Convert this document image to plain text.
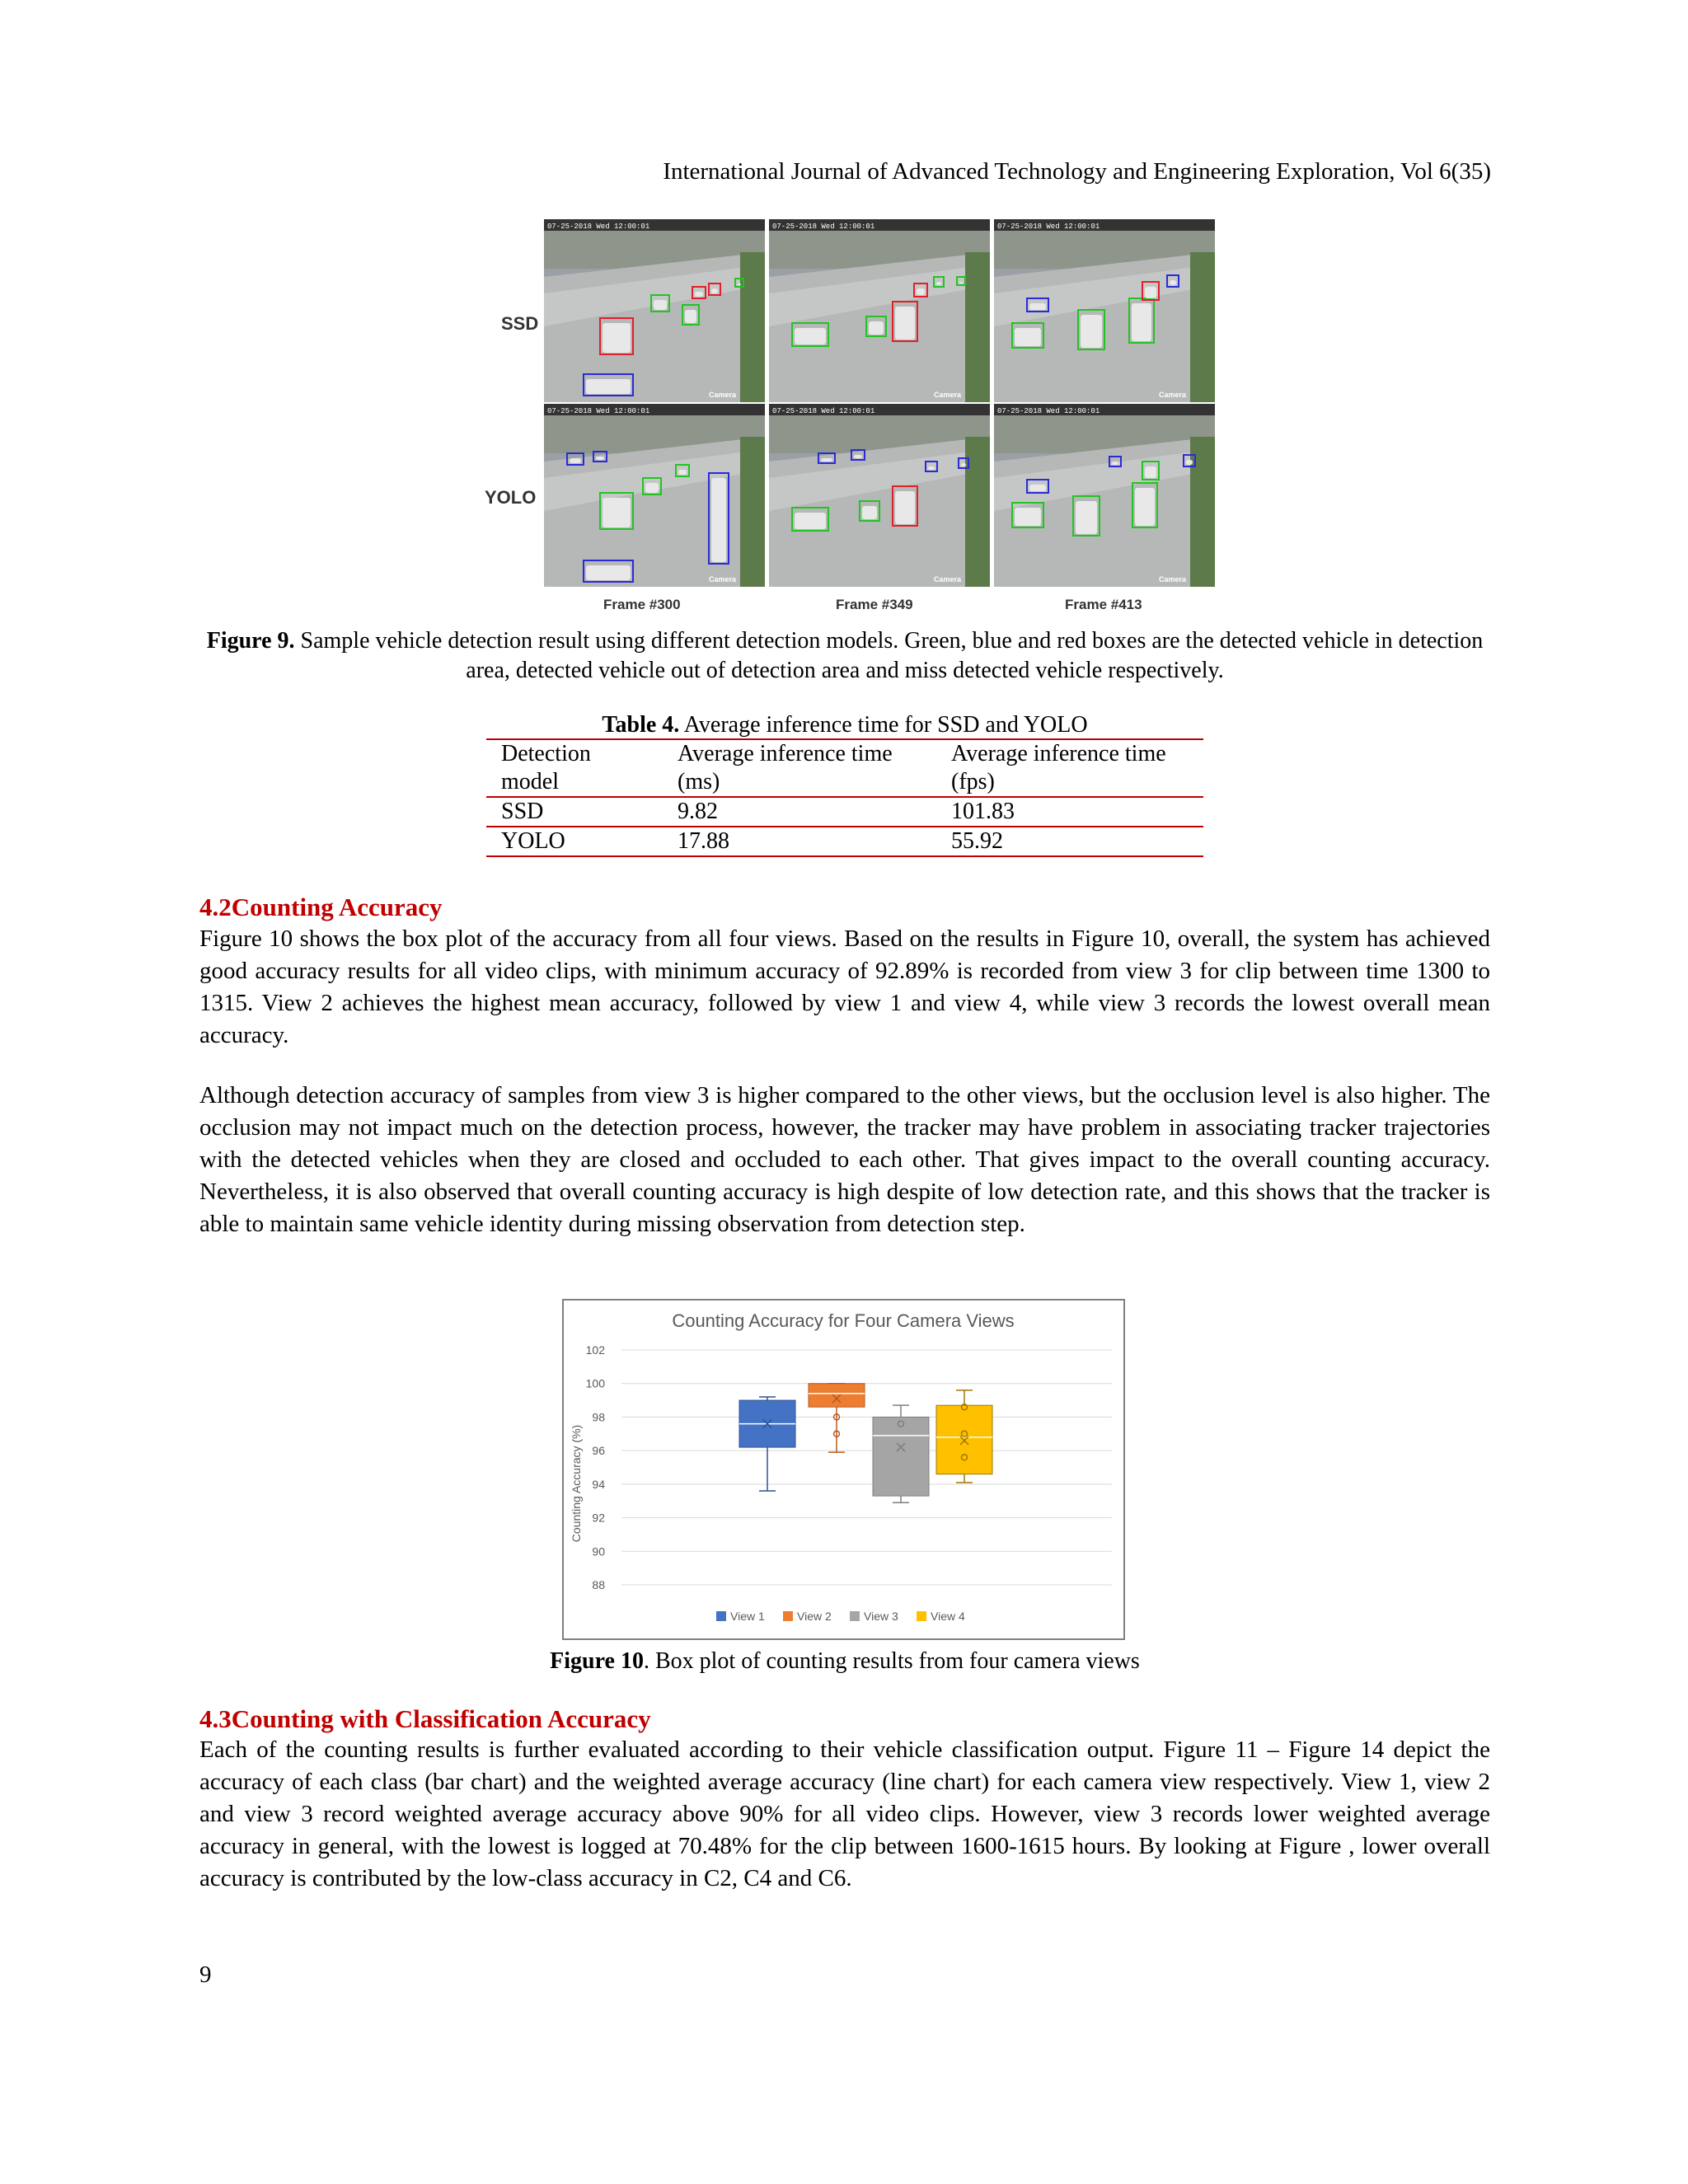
International Journal of Advanced Technology and Engineering Exploration, Vol 6(35)
SSD
YOLO
07-25-2018 Wed 12:00:01
Camera
07-25-2018 Wed 12:00:01
Camera
07-25-2018 Wed 12:00:01
Camera
07-25-2018 Wed 12:00:01
Camera
07-25-2018 Wed 12:00:01
Camera
07-25-2018 Wed 12:00:01
Camera
Frame #300	Frame #349	Frame #413
Figure 9. Sample vehicle detection result using different detection models. Green, blue and red boxes are the detected vehicle in detection area, detected vehicle out of detection area and miss detected vehicle respectively.
Table 4. Average inference time for SSD and YOLO
Detection	Average inference time	Average inference time
model	(ms)	(fps)
SSD	9.82	101.83
YOLO	17.88	55.92
4.2Counting Accuracy

Figure 10 shows the box plot of the accuracy from all four views. Based on the results in Figure 10, overall, the system has achieved good accuracy results for all video clips, with minimum accuracy of 92.89% is recorded from view 3 for clip between time 1300 to 1315. View 2 achieves the highest mean accuracy, followed by view 1 and view 4, while view 3 records the lowest overall mean accuracy.

Although detection accuracy of samples from view 3 is higher compared to the other views, but the occlusion level is also higher. The occlusion may not impact much on the detection process, however, the tracker may have problem in associating tracker trajectories with the detected vehicles when they are closed and occluded to each other. That gives impact to the overall counting accuracy. Nevertheless, it is also observed that overall counting accuracy is high despite of low detection rate, and this shows that the tracker is able to maintain same vehicle identity during missing observation from detection step.

Counting Accuracy for Four Camera Views
Counting Accuracy (%)
88
90
92
94
96
98
100
102
View 1	View 2	View 3	View 4
Figure 10. Box plot of counting results from four camera views
4.3Counting with Classification Accuracy

Each of the counting results is further evaluated according to their vehicle classification output. Figure 11 – Figure 14 depict the accuracy of each class (bar chart) and the weighted average accuracy (line chart) for each camera view respectively. View 1, view 2 and view 3 record weighted average accuracy above 90% for all video clips. However, view 3 records lower weighted average accuracy in general, with the lowest is logged at 70.48% for the clip between 1600-1615 hours. By looking at Figure , lower overall accuracy is contributed by the low-class accuracy in C2, C4 and C6.

9
